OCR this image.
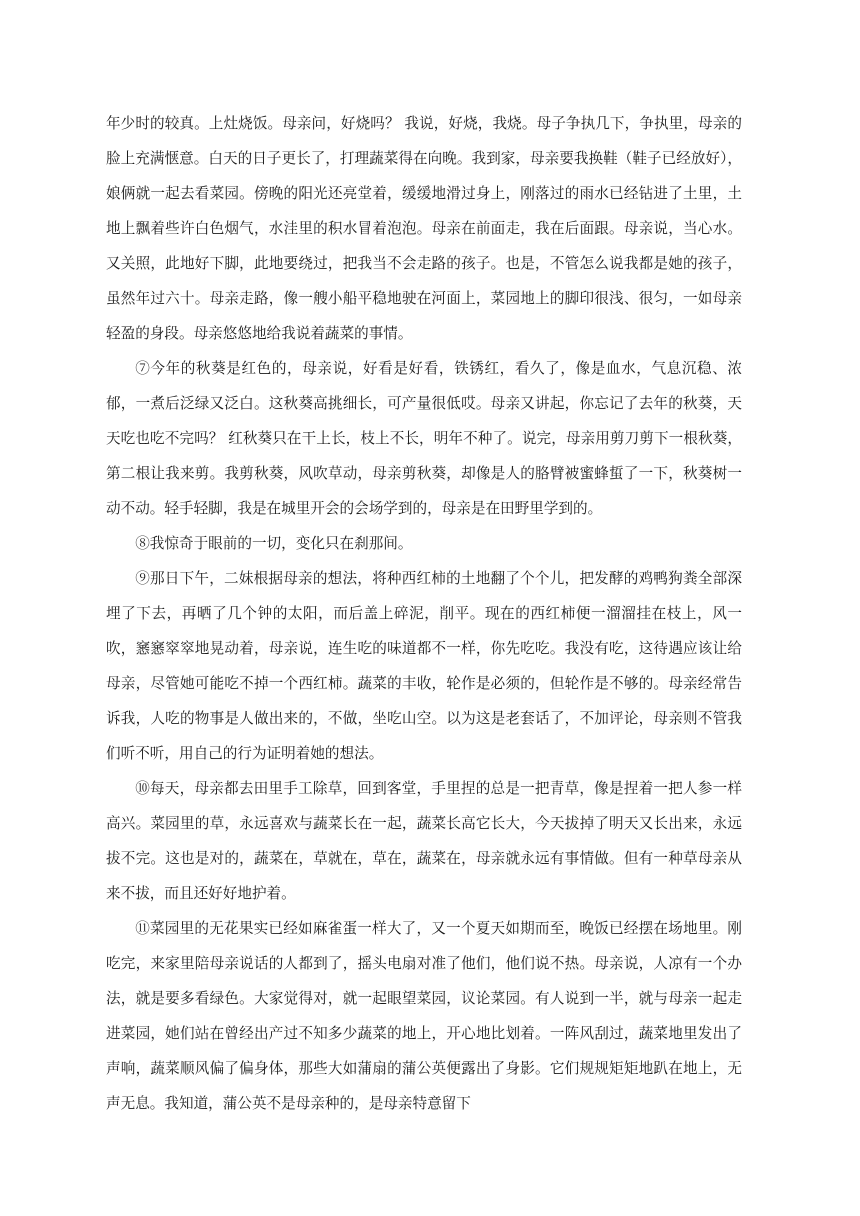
年少时的较真。上灶烧饭。母亲问，好烧吗？ 我说，好烧，我烧。母子争执几下，争执里，母亲的脸上充满惬意。白天的日子更长了，打理蔬菜得在向晚。我到家，母亲要我换鞋（鞋子已经放好），娘俩就一起去看菜园。傍晚的阳光还亮堂着，缓缓地滑过身上，刚落过的雨水已经钻进了土里，土地上飘着些许白色烟气，水洼里的积水冒着泡泡。母亲在前面走，我在后面跟。母亲说，当心水。又关照，此地好下脚，此地要绕过，把我当不会走路的孩子。也是，不管怎么说我都是她的孩子，虽然年过六十。母亲走路，像一艘小船平稳地驶在河面上，菜园地上的脚印很浅、很匀，一如母亲轻盈的身段。母亲悠悠地给我说着蔬菜的事情。

⑦今年的秋葵是红色的，母亲说，好看是好看，铁锈红，看久了，像是血水，气息沉稳、浓郁，一煮后泛绿又泛白。这秋葵高挑细长，可产量很低哎。母亲又讲起，你忘记了去年的秋葵，天天吃也吃不完吗？ 红秋葵只在干上长，枝上不长，明年不种了。说完，母亲用剪刀剪下一根秋葵，第二根让我来剪。我剪秋葵，风吹草动，母亲剪秋葵，却像是人的胳臂被蜜蜂蜇了一下，秋葵树一动不动。轻手轻脚，我是在城里开会的会场学到的，母亲是在田野里学到的。

⑧我惊奇于眼前的一切，变化只在刹那间。

⑨那日下午，二妹根据母亲的想法，将种西红柿的土地翻了个个儿，把发酵的鸡鸭狗粪全部深埋了下去，再晒了几个钟的太阳，而后盖上碎泥，削平。现在的西红柿便一溜溜挂在枝上，风一吹，窸窸窣窣地晃动着，母亲说，连生吃的味道都不一样，你先吃吃。我没有吃，这待遇应该让给母亲，尽管她可能吃不掉一个西红柿。蔬菜的丰收，轮作是必须的，但轮作是不够的。母亲经常告诉我，人吃的物事是人做出来的，不做，坐吃山空。以为这是老套话了，不加评论，母亲则不管我们听不听，用自己的行为证明着她的想法。

⑩每天，母亲都去田里手工除草，回到客堂，手里捏的总是一把青草，像是捏着一把人参一样高兴。菜园里的草，永远喜欢与蔬菜长在一起，蔬菜长高它长大，今天拔掉了明天又长出来，永远拔不完。这也是对的，蔬菜在，草就在，草在，蔬菜在，母亲就永远有事情做。但有一种草母亲从来不拔，而且还好好地护着。

⑪菜园里的无花果实已经如麻雀蛋一样大了，又一个夏天如期而至，晚饭已经摆在场地里。刚吃完，来家里陪母亲说话的人都到了，摇头电扇对准了他们，他们说不热。母亲说，人凉有一个办法，就是要多看绿色。大家觉得对，就一起眼望菜园，议论菜园。有人说到一半，就与母亲一起走进菜园，她们站在曾经出产过不知多少蔬菜的地上，开心地比划着。一阵风刮过，蔬菜地里发出了声响，蔬菜顺风偏了偏身体，那些大如蒲扇的蒲公英便露出了身影。它们规规矩矩地趴在地上，无声无息。我知道，蒲公英不是母亲种的，是母亲特意留下
